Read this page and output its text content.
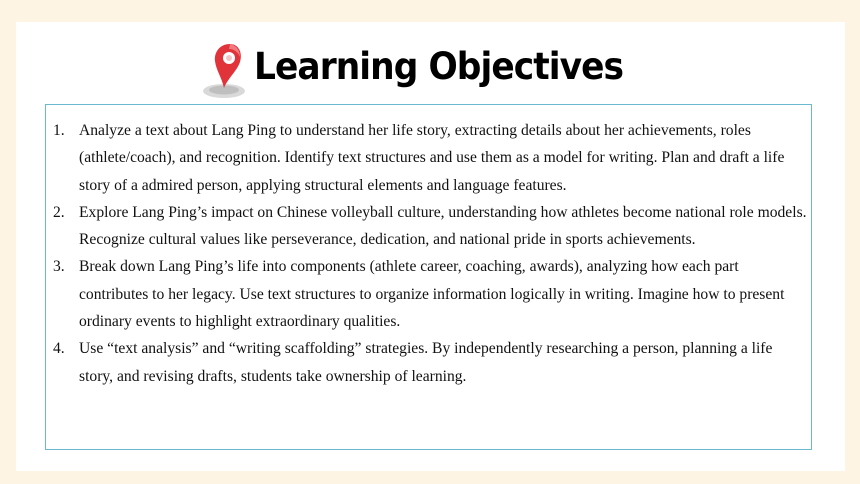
Learning Objectives
1. Analyze a text about Lang Ping to understand her life story, extracting details about her achievements, roles (athlete/coach), and recognition. Identify text structures and use them as a model for writing. Plan and draft a life story of a admired person, applying structural elements and language features.
2. Explore Lang Ping’s impact on Chinese volleyball culture, understanding how athletes become national role models. Recognize cultural values like perseverance, dedication, and national pride in sports achievements.
3. Break down Lang Ping’s life into components (athlete career, coaching, awards), analyzing how each part contributes to her legacy. Use text structures to organize information logically in writing. Imagine how to present ordinary events to highlight extraordinary qualities.
4. Use “text analysis” and “writing scaffolding” strategies. By independently researching a person, planning a life story, and revising drafts, students take ownership of learning.
